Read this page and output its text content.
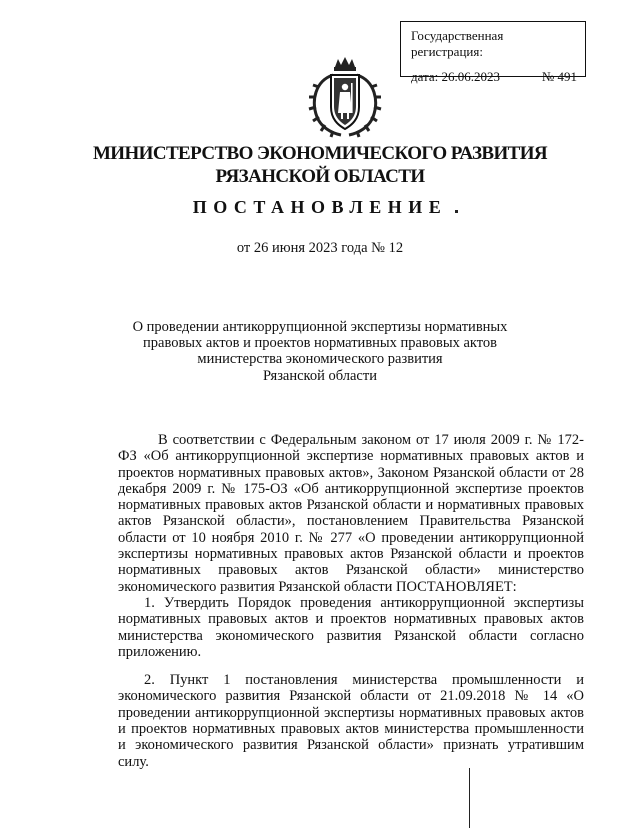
Государственная регистрация:
дата: 26.06.2023	№ 491
МИНИСТЕРСТВО ЭКОНОМИЧЕСКОГО РАЗВИТИЯ
РЯЗАНСКОЙ ОБЛАСТИ
ПОСТАНОВЛЕНИЕ
от 26 июня 2023 года № 12
О проведении антикоррупционной экспертизы нормативных
правовых актов и проектов нормативных правовых актов
министерства экономического развития
Рязанской области

В соответствии с Федеральным законом от 17 июля 2009 г. № 172-ФЗ «Об антикоррупционной экспертизе нормативных правовых актов и проектов нормативных правовых актов», Законом Рязанской области от 28 декабря 2009 г. № 175-ОЗ «Об антикоррупционной экспертизе проектов нормативных правовых актов Рязанской области и нормативных правовых актов Рязанской области», постановлением Правительства Рязанской области от 10 ноября 2010 г. № 277 «О проведении антикоррупционной экспертизы нормативных правовых актов Рязанской области и проектов нормативных правовых актов Рязанской области» министерство экономического развития Рязанской области ПОСТАНОВЛЯЕТ:

1. Утвердить Порядок проведения антикоррупционной экспертизы нормативных правовых актов и проектов нормативных правовых актов министерства экономического развития Рязанской области согласно приложению.

2. Пункт 1 постановления министерства промышленности и экономического развития Рязанской области от 21.09.2018 № 14 «О проведении антикоррупционной экспертизы нормативных правовых актов и проектов нормативных правовых актов министерства промышленности и экономического развития Рязанской области» признать утратившим силу.
